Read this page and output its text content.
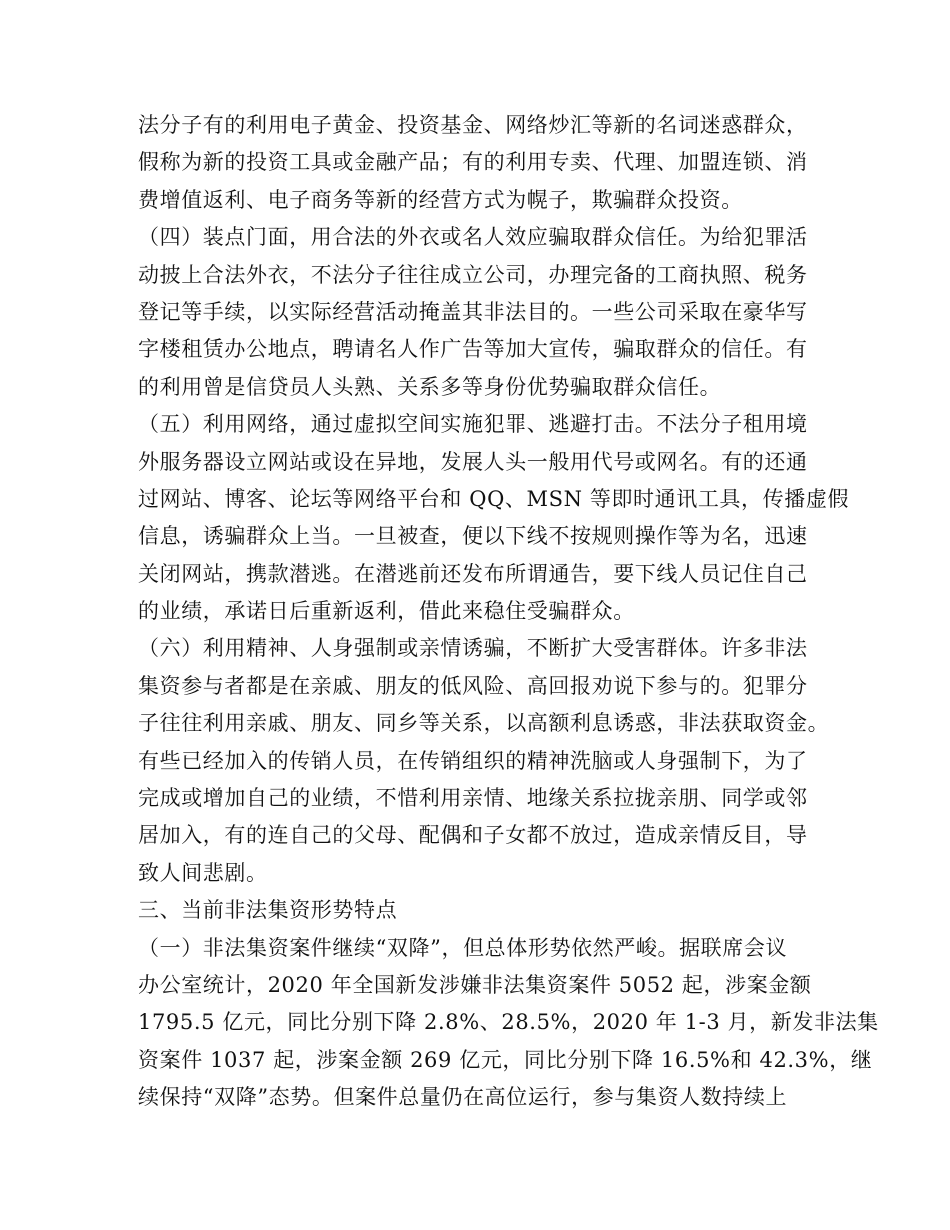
法分子有的利用电子黄金、投资基金、网络炒汇等新的名词迷惑群众，
假称为新的投资工具或金融产品；有的利用专卖、代理、加盟连锁、消
费增值返利、电子商务等新的经营方式为幌子，欺骗群众投资。
（四）装点门面，用合法的外衣或名人效应骗取群众信任。为给犯罪活
动披上合法外衣，不法分子往往成立公司，办理完备的工商执照、税务
登记等手续，以实际经营活动掩盖其非法目的。一些公司采取在豪华写
字楼租赁办公地点，聘请名人作广告等加大宣传，骗取群众的信任。有
的利用曾是信贷员人头熟、关系多等身份优势骗取群众信任。
（五）利用网络，通过虚拟空间实施犯罪、逃避打击。不法分子租用境
外服务器设立网站或设在异地，发展人头一般用代号或网名。有的还通
过网站、博客、论坛等网络平台和 QQ、MSN 等即时通讯工具，传播虚假
信息，诱骗群众上当。一旦被查，便以下线不按规则操作等为名，迅速
关闭网站，携款潜逃。在潜逃前还发布所谓通告，要下线人员记住自己
的业绩，承诺日后重新返利，借此来稳住受骗群众。
（六）利用精神、人身强制或亲情诱骗，不断扩大受害群体。许多非法
集资参与者都是在亲戚、朋友的低风险、高回报劝说下参与的。犯罪分
子往往利用亲戚、朋友、同乡等关系，以高额利息诱惑，非法获取资金。
有些已经加入的传销人员，在传销组织的精神洗脑或人身强制下，为了
完成或增加自己的业绩，不惜利用亲情、地缘关系拉拢亲朋、同学或邻
居加入，有的连自己的父母、配偶和子女都不放过，造成亲情反目，导
致人间悲剧。
三、当前非法集资形势特点
（一）非法集资案件继续“双降”，但总体形势依然严峻。据联席会议
办公室统计，2020 年全国新发涉嫌非法集资案件 5052 起，涉案金额
1795.5 亿元，同比分别下降 2.8%、28.5%，2020 年 1-3 月，新发非法集
资案件 1037 起，涉案金额 269 亿元，同比分别下降 16.5%和 42.3%，继
续保持“双降”态势。但案件总量仍在高位运行，参与集资人数持续上
